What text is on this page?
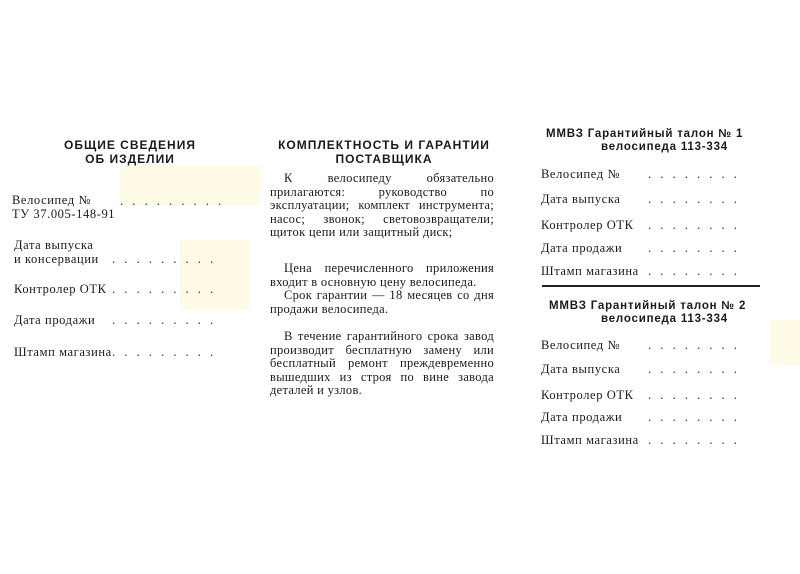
ОБЩИЕ СВЕДЕНИЯ
ОБ ИЗДЕЛИИ
Велосипед №
ТУ 37.005-148-91
.........
Дата выпуска
и консервации .........
Контролер ОТК .........
Дата продажи .........
Штамп магазина .........
КОМПЛЕКТНОСТЬ И ГАРАНТИИ
ПОСТАВЩИКА

К велосипеду обязательно прилагаются: руководство по эксплуатации; комплект инструмента; насос; звонок; световозвращатели; щиток цепи или защитный диск;

Цена перечисленного приложения входит в основную цену велосипеда.

Срок гарантии — 18 месяцев со дня продажи велосипеда.

В течение гарантийного срока завод производит бесплатную замену или бесплатный ремонт преждевременно вышедших из строя по вине завода деталей и узлов.

ММВЗ Гарантийный талон № 1
велосипеда 113-334
Велосипед № ........
Дата выпуска ........
Контролер ОТК ........
Дата продажи ........
Штамп магазина ........
ММВЗ Гарантийный талон № 2
велосипеда 113-334
Велосипед № ........
Дата выпуска ........
Контролер ОТК ........
Дата продажи ........
Штамп магазина ........
